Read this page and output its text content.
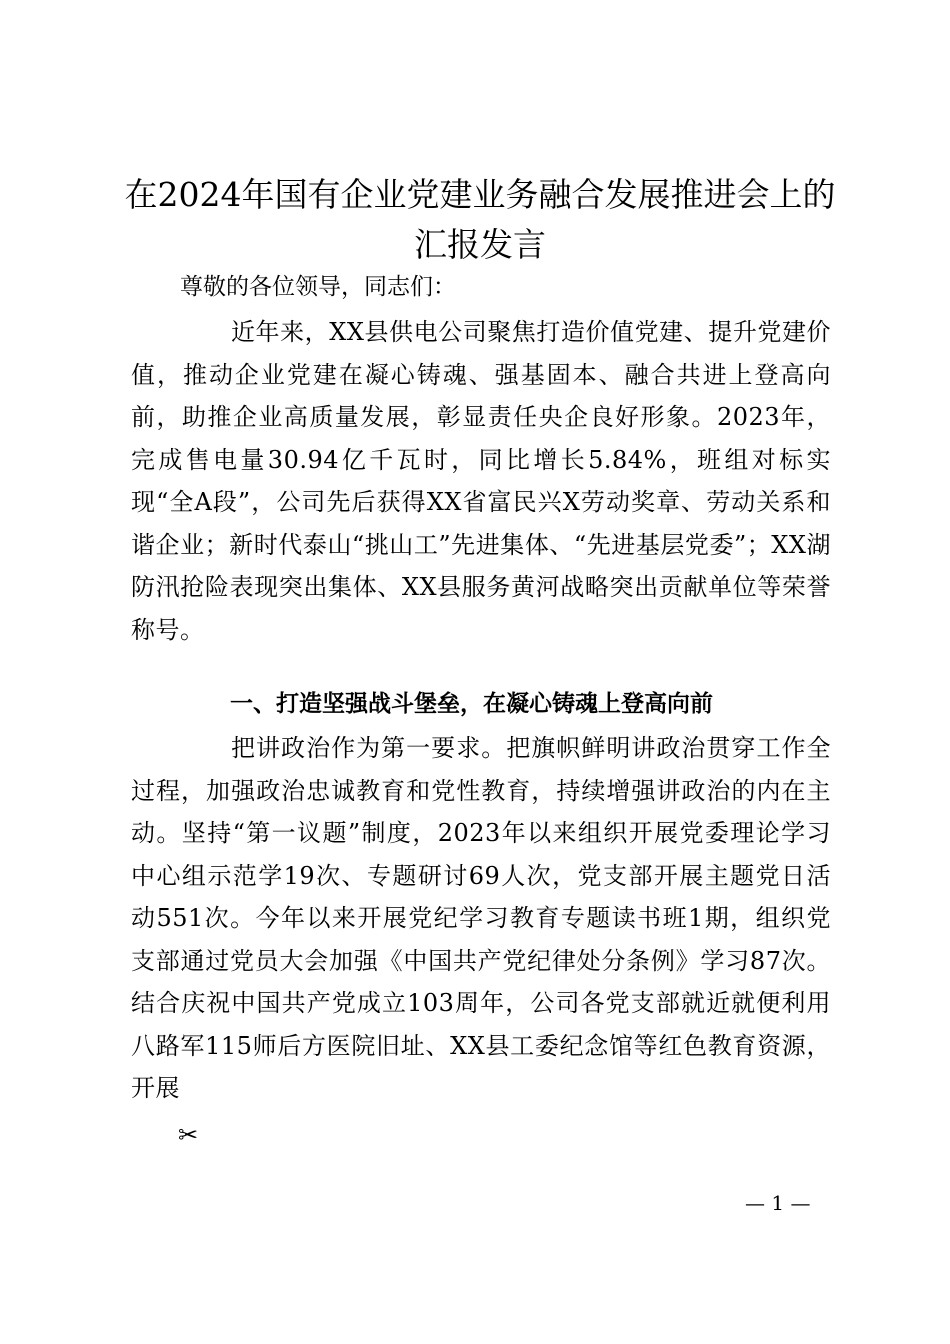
在2024年国有企业党建业务融合发展推进会上的汇报发言

尊敬的各位领导，同志们：

近年来，XX县供电公司聚焦打造价值党建、提升党建价值，推动企业党建在凝心铸魂、强基固本、融合共进上登高向前，助推企业高质量发展，彰显责任央企良好形象。2023年，完成售电量30.94亿千瓦时，同比增长5.84%，班组对标实现“全A段”，公司先后获得XX省富民兴X劳动奖章、劳动关系和谐企业；新时代泰山“挑山工”先进集体、“先进基层党委”；XX湖防汛抢险表现突出集体、XX县服务黄河战略突出贡献单位等荣誉称号。

一、打造坚强战斗堡垒，在凝心铸魂上登高向前

把讲政治作为第一要求。把旗帜鲜明讲政治贯穿工作全过程，加强政治忠诚教育和党性教育，持续增强讲政治的内在主动。坚持“第一议题”制度，2023年以来组织开展党委理论学习中心组示范学19次、专题研讨69人次，党支部开展主题党日活动551次。今年以来开展党纪学习教育专题读书班1期，组织党支部通过党员大会加强《中国共产党纪律处分条例》学习87次。结合庆祝中国共产党成立103周年，公司各党支部就近就便利用八路军115师后方医院旧址、XX县工委纪念馆等红色教育资源，开展

✂
— 1 —
